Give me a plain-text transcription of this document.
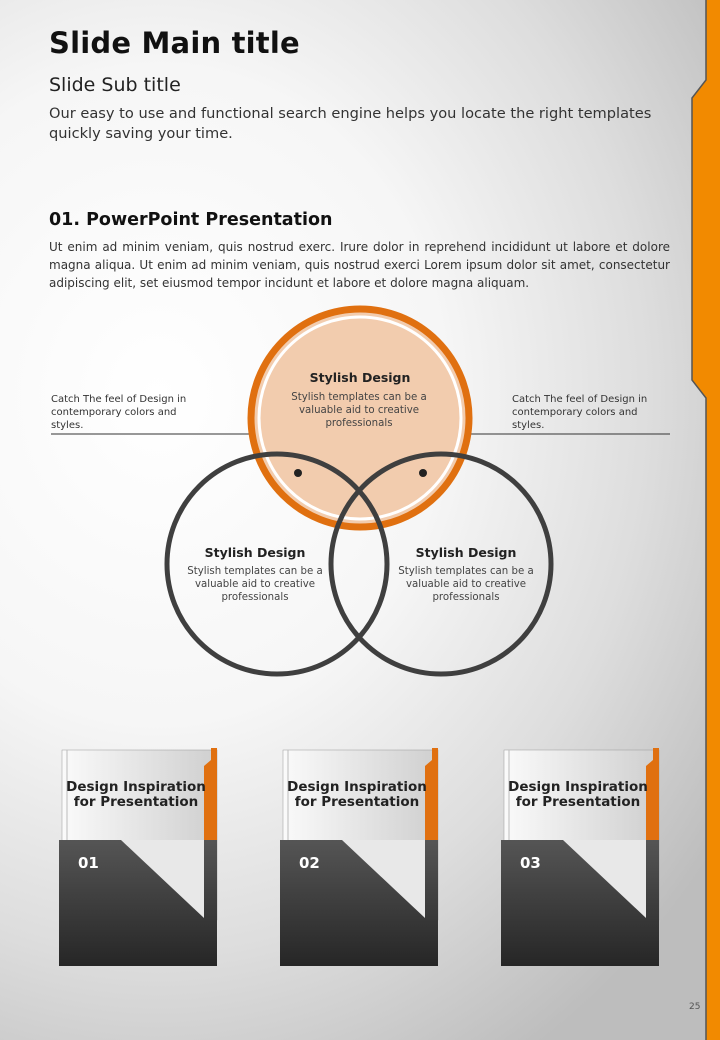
Slide Main title
Slide Sub title
Our easy to use and functional search engine helps you locate the right templates quickly saving your time.
01. PowerPoint Presentation
Ut enim ad minim veniam, quis nostrud exerc. Irure dolor in reprehend incididunt ut labore et dolore magna aliqua. Ut enim ad minim veniam, quis nostrud exerci Lorem ipsum dolor sit amet, consectetur adipiscing elit, set eiusmod tempor incidunt et labore et dolore magna aliquam.
Catch The feel of Design in contemporary colors and styles.
Catch The feel of Design in contemporary colors and styles.
Stylish Design
Stylish templates can be a valuable aid to creative professionals
Stylish Design
Stylish templates can be a valuable aid to creative professionals
Stylish Design
Stylish templates can be a valuable aid to creative professionals
Design Inspiration for Presentation
01
Design Inspiration for Presentation
02
Design Inspiration for Presentation
03
25
